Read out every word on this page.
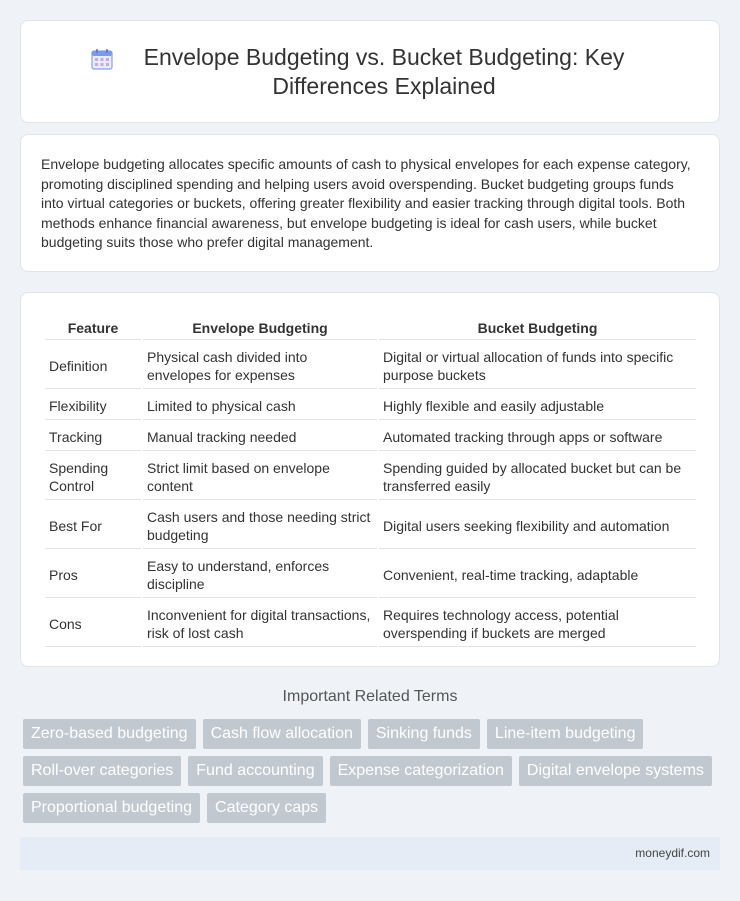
Envelope Budgeting vs. Bucket Budgeting: Key Differences Explained

Envelope budgeting allocates specific amounts of cash to physical envelopes for each expense category, promoting disciplined spending and helping users avoid overspending. Bucket budgeting groups funds into virtual categories or buckets, offering greater flexibility and easier tracking through digital tools. Both methods enhance financial awareness, but envelope budgeting is ideal for cash users, while bucket budgeting suits those who prefer digital management.

Feature	Envelope Budgeting	Bucket Budgeting
Definition	Physical cash divided into envelopes for expenses	Digital or virtual allocation of funds into specific purpose buckets
Flexibility	Limited to physical cash	Highly flexible and easily adjustable
Tracking	Manual tracking needed	Automated tracking through apps or software
Spending Control	Strict limit based on envelope content	Spending guided by allocated bucket but can be transferred easily
Best For	Cash users and those needing strict budgeting	Digital users seeking flexibility and automation
Pros	Easy to understand, enforces discipline	Convenient, real-time tracking, adaptable
Cons	Inconvenient for digital transactions, risk of lost cash	Requires technology access, potential overspending if buckets are merged
Important Related Terms
Zero-based budgeting	Cash flow allocation	Sinking funds	Line-item budgeting
Roll-over categories	Fund accounting	Expense categorization	Digital envelope systems
Proportional budgeting	Category caps
moneydif.com
